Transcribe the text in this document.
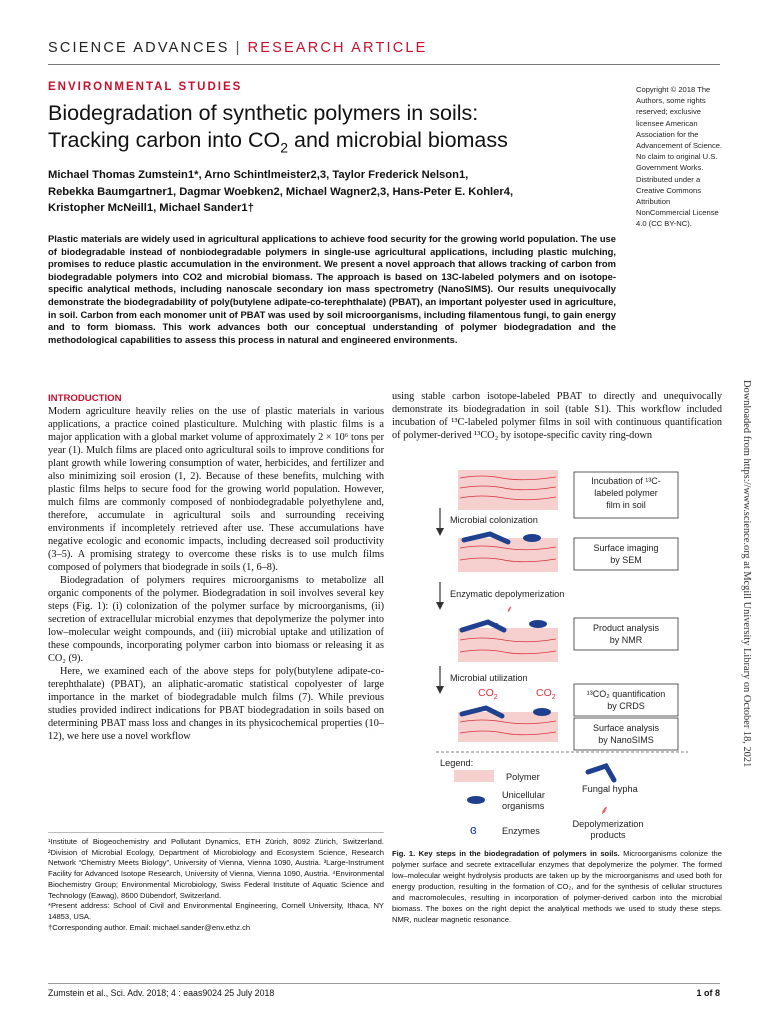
SCIENCE ADVANCES | RESEARCH ARTICLE
ENVIRONMENTAL STUDIES
Biodegradation of synthetic polymers in soils:
Tracking carbon into $CO_2$ and microbial biomass
Michael Thomas Zumstein1*, Arno Schintlmeister2,3, Taylor Frederick Nelson1,
Rebekka Baumgartner1, Dagmar Woebken2, Michael Wagner2,3, Hans-Peter E. Kohler4,
Kristopher McNeill1, Michael Sander1†
Plastic materials are widely used in agricultural applications to achieve food security for the growing world population. The use of biodegradable instead of nonbiodegradable polymers in single-use agricultural applications, including plastic mulching, promises to reduce plastic accumulation in the environment. We present a novel approach that allows tracking of carbon from biodegradable polymers into CO2 and microbial biomass. The approach is based on 13C-labeled polymers and on isotope-specific analytical methods, including nanoscale secondary ion mass spectrometry (NanoSIMS). Our results unequivocally demonstrate the biodegradability of poly(butylene adipate-co-terephthalate) (PBAT), an important polyester used in agriculture, in soil. Carbon from each monomer unit of PBAT was used by soil microorganisms, including filamentous fungi, to gain energy and to form biomass. This work advances both our conceptual understanding of polymer biodegradation and the methodological capabilities to assess this process in natural and engineered environments.
Copyright © 2018 The Authors, some rights reserved; exclusive licensee American Association for the Advancement of Science. No claim to original U.S. Government Works. Distributed under a Creative Commons Attribution NonCommercial License 4.0 (CC BY-NC).
INTRODUCTION

Modern agriculture heavily relies on the use of plastic materials in various applications, a practice coined plasticulture. Mulching with plastic films is a major application with a global market volume of approximately 2 × 10⁶ tons per year (1). Mulch films are placed onto agricultural soils to improve conditions for plant growth while lowering consumption of water, herbicides, and fertilizer and also minimizing soil erosion (1, 2). Because of these benefits, mulching with plastic films helps to secure food for the growing world population. However, mulch films are commonly composed of nonbiodegradable polyethylene and, therefore, accumulate in agricultural soils and surrounding receiving environments if incompletely retrieved after use. These accumulations have negative ecologic and economic impacts, including decreased soil productivity (3–5). A promising strategy to overcome these risks is to use mulch films composed of polymers that biodegrade in soils (1, 6–8).

Biodegradation of polymers requires microorganisms to metabolize all organic components of the polymer. Biodegradation in soil involves several key steps (Fig. 1): (i) colonization of the polymer surface by microorganisms, (ii) secretion of extracellular microbial enzymes that depolymerize the polymer into low–molecular weight compounds, and (iii) microbial uptake and utilization of these compounds, incorporating polymer carbon into biomass or releasing it as CO₂ (9).

Here, we examined each of the above steps for poly(butylene adipate-co-terephthalate) (PBAT), an aliphatic-aromatic statistical copolyester of large importance in the market of biodegradable mulch films (7). While previous studies provided indirect indications for PBAT biodegradation in soils based on determining PBAT mass loss and changes in its physicochemical properties (10–12), we here use a novel workflow

using stable carbon isotope-labeled PBAT to directly and unequivocally demonstrate its biodegradation in soil (table S1). This workflow included incubation of ¹³C-labeled polymer films in soil with continuous quantification of polymer-derived ¹³CO₂ by isotope-specific cavity ring-down

Incubation of ¹³C-
labeled polymer
film in soil
Microbial colonization
Surface imaging
by SEM
Enzymatic depolymerization
⸙
ɞ	Product analysis
by NMR
Microbial utilization
$CO_2$	$CO_2$	¹³CO₂ quantification
by CRDS
Surface analysis
by NanoSIMS
Legend:
Polymer
Fungal hypha
Unicellular
organisms
ɞ	Enzymes
⸙
Depolymerization
products

¹Institute of Biogeochemistry and Pollutant Dynamics, ETH Zürich, 8092 Zürich, Switzerland. ²Division of Microbial Ecology, Department of Microbiology and Ecosystem Science, Research Network “Chemistry Meets Biology”, University of Vienna, Vienna 1090, Austria. ³Large-Instrument Facility for Advanced Isotope Research, University of Vienna, Vienna 1090, Austria. ⁴Environmental Biochemistry Group; Environmental Microbiology, Swiss Federal Institute of Aquatic Science and Technology (Eawag), 8600 Dübendorf, Switzerland.

*Present address: School of Civil and Environmental Engineering, Cornell University, Ithaca, NY 14853, USA.

†Corresponding author. Email: michael.sander@env.ethz.ch

Fig. 1. Key steps in the biodegradation of polymers in soils. Microorganisms colonize the polymer surface and secrete extracellular enzymes that depolymerize the polymer. The formed low–molecular weight hydrolysis products are taken up by the microorganisms and used both for energy production, resulting in the formation of CO₂, and for the synthesis of cellular structures and macromolecules, resulting in incorporation of polymer-derived carbon into the microbial biomass. The boxes on the right depict the analytical methods we used to study these steps. NMR, nuclear magnetic resonance.
Zumstein et al., Sci. Adv. 2018; 4 : eaas9024 25 July 2018	1 of 8
Downloaded from https://www.science.org at Mcgill University Library on October 18, 2021
